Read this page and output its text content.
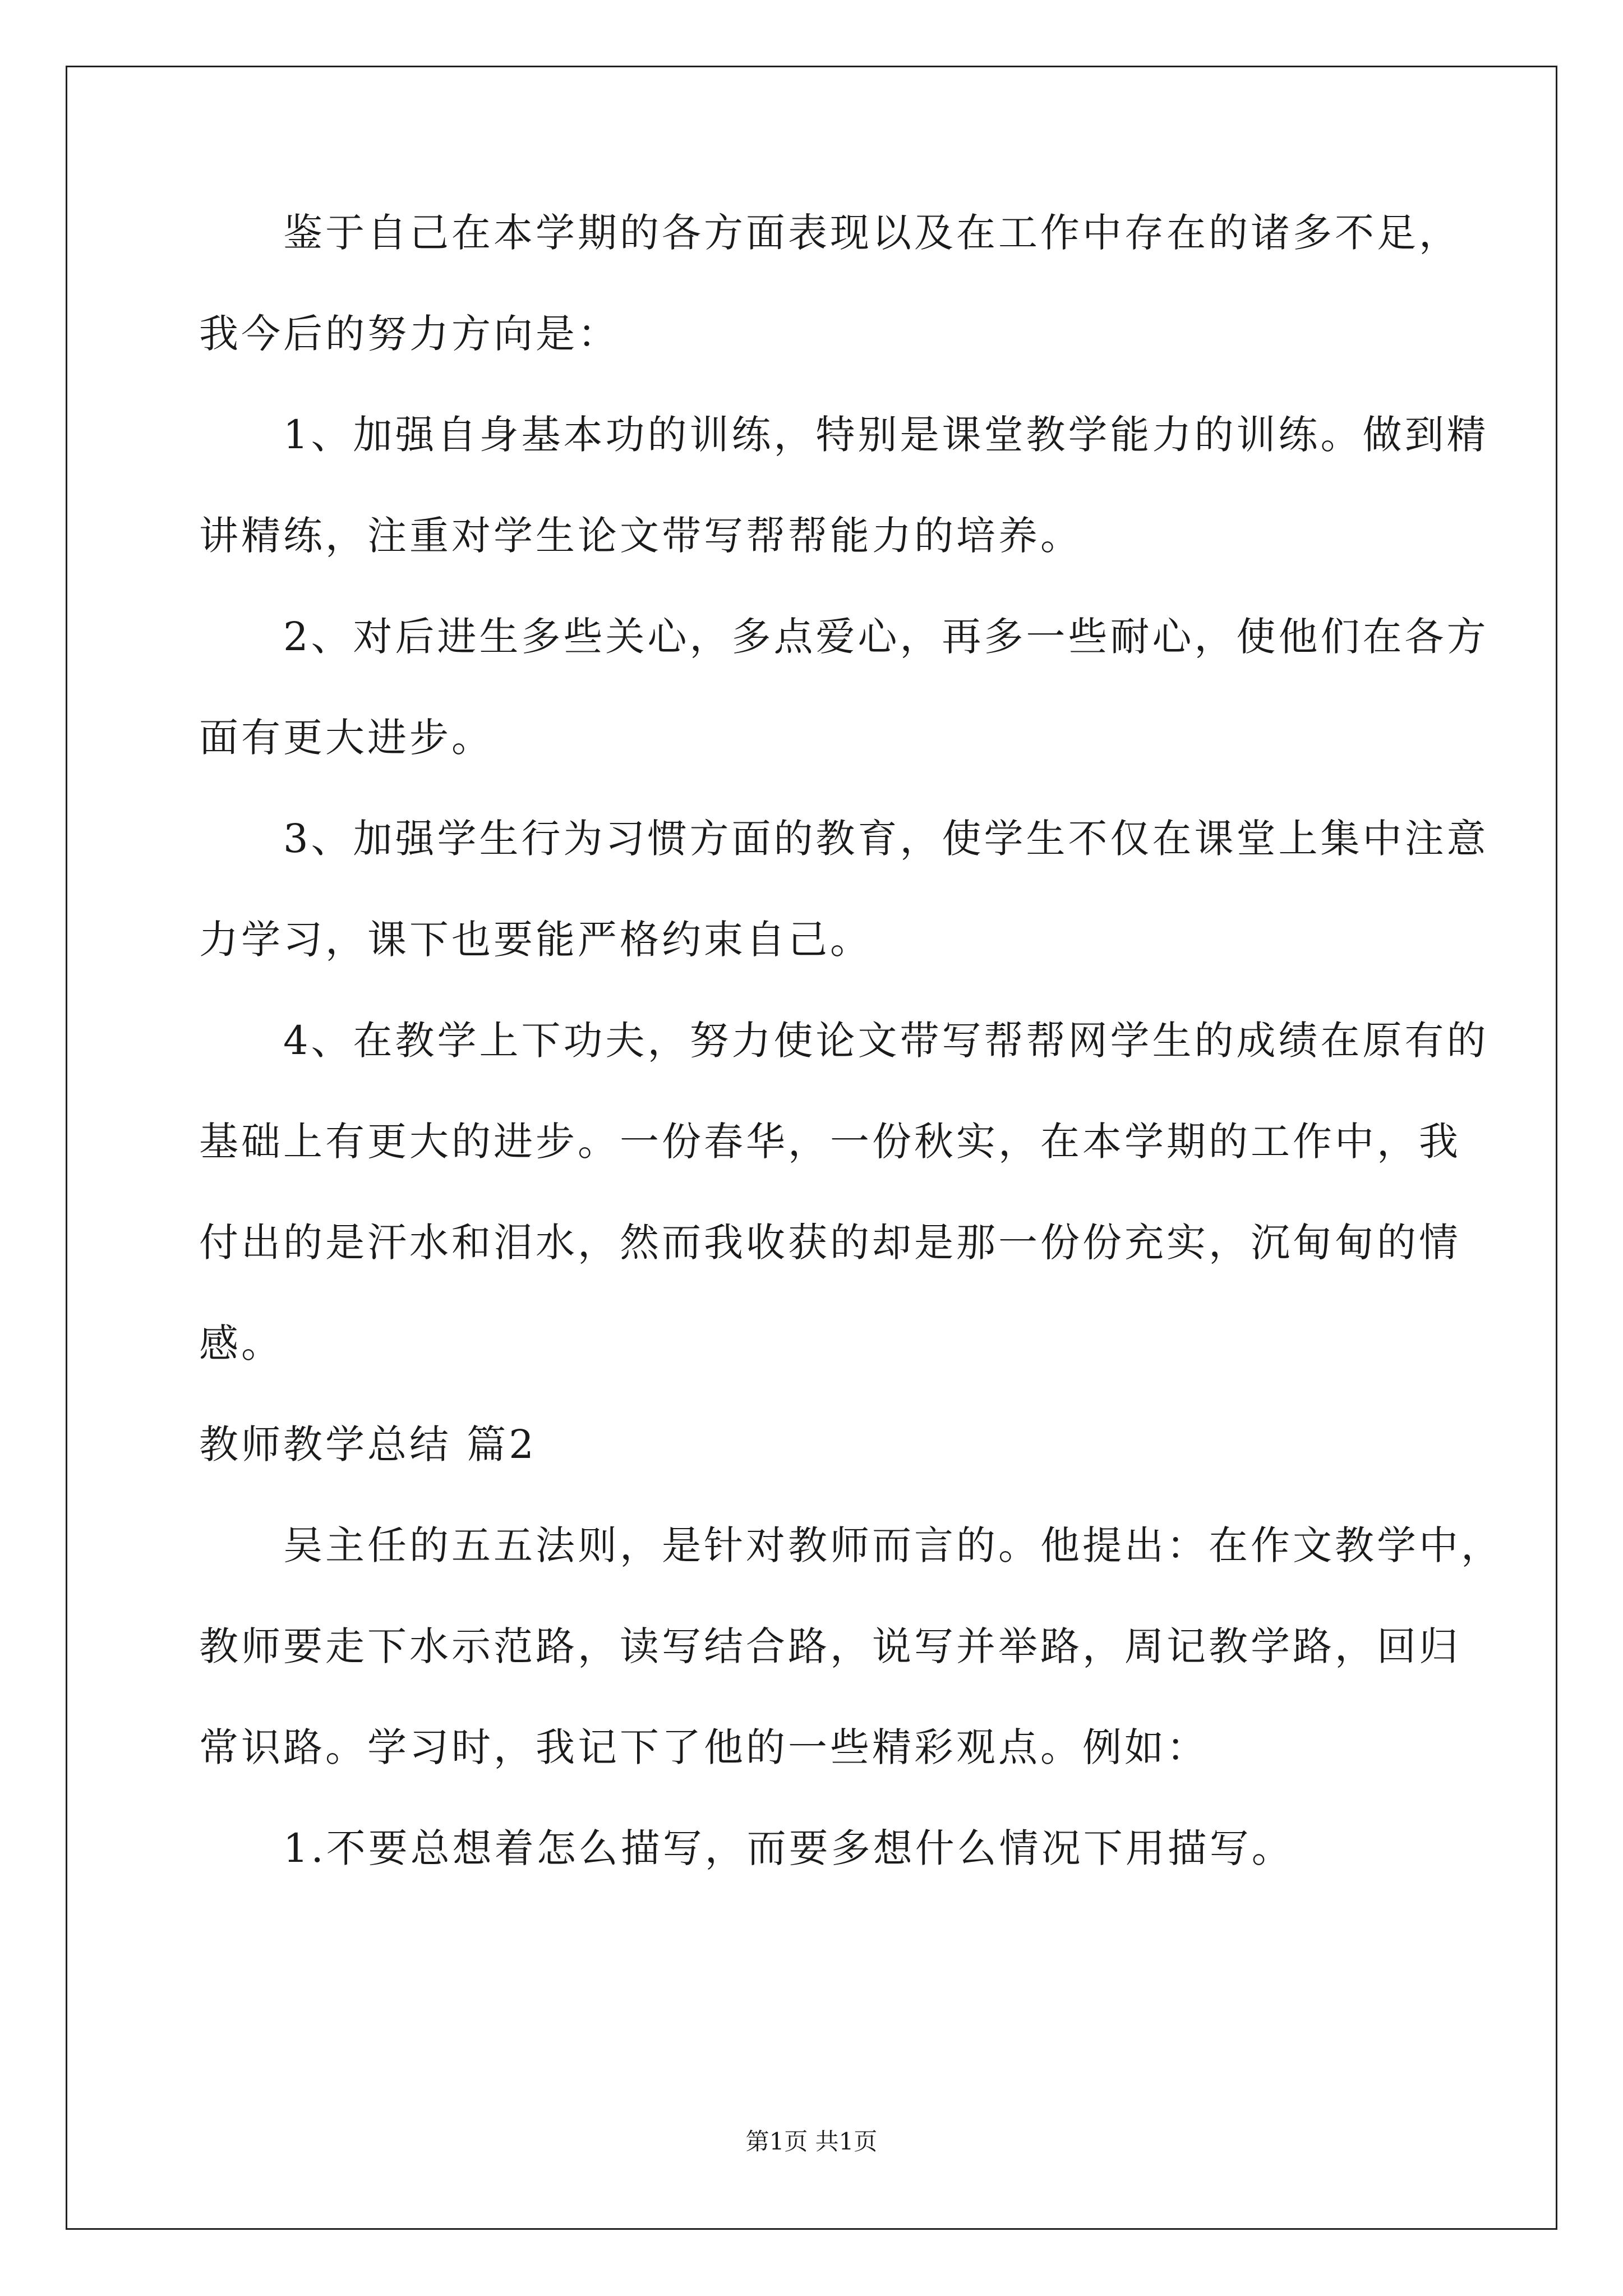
鉴于自己在本学期的各方面表现以及在工作中存在的诸多不足，
我今后的努力方向是：
1、加强自身基本功的训练，特别是课堂教学能力的训练。做到精
讲精练，注重对学生论文带写帮帮能力的培养。
2、对后进生多些关心，多点爱心，再多一些耐心，使他们在各方
面有更大进步。
3、加强学生行为习惯方面的教育，使学生不仅在课堂上集中注意
力学习，课下也要能严格约束自己。
4、在教学上下功夫，努力使论文带写帮帮网学生的成绩在原有的
基础上有更大的进步。一份春华，一份秋实，在本学期的工作中，我
付出的是汗水和泪水，然而我收获的却是那一份份充实，沉甸甸的情
感。
教师教学总结 篇2
吴主任的五五法则，是针对教师而言的。他提出：在作文教学中，
教师要走下水示范路，读写结合路，说写并举路，周记教学路，回归
常识路。学习时，我记下了他的一些精彩观点。例如：
1.不要总想着怎么描写，而要多想什么情况下用描写。
第1页 共1页
